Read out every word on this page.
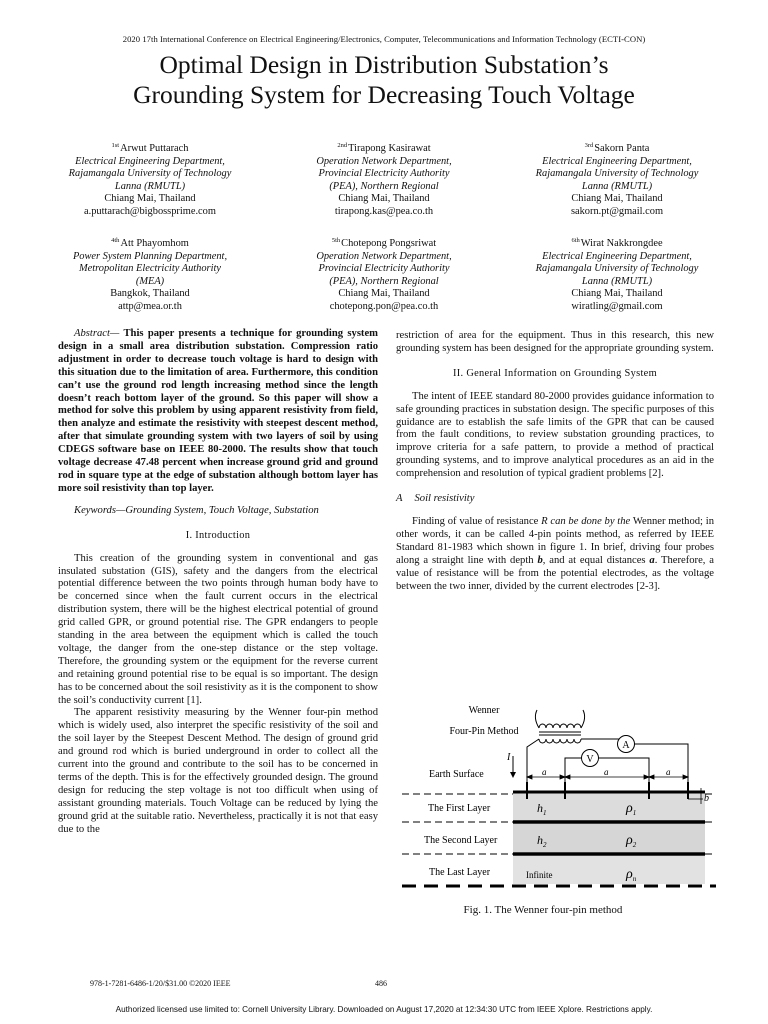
2020 17th International Conference on Electrical Engineering/Electronics, Computer, Telecommunications and Information Technology (ECTI-CON)
Optimal Design in Distribution Substation’s
Grounding System for Decreasing Touch Voltage
$^{1st}$Arwut Puttarach
Electrical Engineering Department,
Rajamangala University of Technology
Lanna (RMUTL)
Chiang Mai, Thailand
a.puttarach@bigbossprime.com
$^{2nd}$Tirapong Kasirawat
Operation Network Department,
Provincial Electricity Authority
(PEA), Northern Regional
Chiang Mai, Thailand
tirapong.kas@pea.co.th
$^{3rd}$Sakorn Panta
Electrical Engineering Department,
Rajamangala University of Technology
Lanna (RMUTL)
Chiang Mai, Thailand
sakorn.pt@gmail.com
$^{4th}$Att Phayomhom
Power System Planning Department,
Metropolitan Electricity Authority
(MEA)
Bangkok, Thailand
attp@mea.or.th
$^{5th}$Chotepong Pongsriwat
Operation Network Department,
Provincial Electricity Authority
(PEA), Northern Regional
Chiang Mai, Thailand
chotepong.pon@pea.co.th
$^{6th}$Wirat Nakkrongdee
Electrical Engineering Department,
Rajamangala University of Technology
Lanna (RMUTL)
Chiang Mai, Thailand
wiratling@gmail.com

Abstract— This paper presents a technique for grounding system design in a small area distribution substation. Compression ratio adjustment in order to decrease touch voltage is hard to design with this situation due to the limitation of area. Furthermore, this condition can’t use the ground rod length increasing method since the length doesn’t reach bottom layer of the ground. So this paper will show a method for solve this problem by using apparent resistivity from field, then analyze and estimate the resistivity with steepest descent method, after that simulate grounding system with two layers of soil by using CDEGS software base on IEEE 80-2000. The results show that touch voltage decrease 47.48 percent when increase ground grid and ground rod in square type at the edge of substation although bottom layer has more soil resistivity than top layer.

Keywords—Grounding System, Touch Voltage, Substation

I. Introduction

This creation of the grounding system in conventional and gas insulated substation (GIS), safety and the dangers from the electrical potential difference between the two points through human body have to be concerned since when the fault current occurs in the electrical distribution system, there will be the highest electrical potential of ground grid called GPR, or ground potential rise. The GPR endangers to people standing in the area between the equipment which is called the touch voltage, the danger from the one-step distance or the step voltage. Therefore, the grounding system or the equipment for the reverse current and retaining ground potential rise to be equal is so important. The design has to be concerned about the soil resistivity as it is the component to show the soil’s conductivity current [1].

The apparent resistivity measuring by the Wenner four-pin method which is widely used, also interpret the specific resistivity of the soil and the soil layer by the Steepest Descent Method. The design of ground grid and ground rod which is buried underground in order to collect all the current into the ground and contribute to the soil has to be concerned in terms of the depth. This is for the effectively grounded design. The ground design for reducing the step voltage is not too difficult when using of assistant grounding materials. Touch Voltage can be reduced by lying the ground grid at the suitable ratio. Nevertheless, practically it is not that easy due to the

restriction of area for the equipment. Thus in this research, this new grounding system has been designed for the appropriate grounding system.

II. General Information on Grounding System

The intent of IEEE standard 80-2000 provides guidance information to safe grounding practices in substation design. The specific purposes of this guidance are to establish the safe limits of the GPR that can be caused from the fault conditions, to review substation grounding practices, to improve criteria for a safe pattern, to provide a method of practical grounding systems, and to improve analytical procedures as an aid in the comprehension and resolution of typical gradient problems [2].

A Soil resistivity

Finding of value of resistance R can be done by the Wenner method; in other words, it can be called 4-pin points method, as referred by IEEE Standard 81-1983 which shown in figure 1. In brief, driving four probes along a straight line with depth b, and at equal distances a. Therefore, a value of resistance will be from the potential electrodes, as the voltage between the two inner, divided by the current electrodes [2-3].

Wenner
Four-Pin Method
I	V
A
a	a	a
b
Earth Surface
The First Layer
The Second Layer
The Last Layer
$h_1$
$h_2$
Infinite
$\rho_1$
$\rho_2$
$\rho_n$
Fig. 1. The Wenner four-pin method
978-1-7281-6486-1/20/$31.00 ©2020 IEEE	486
Authorized licensed use limited to: Cornell University Library. Downloaded on August 17,2020 at 12:34:30 UTC from IEEE Xplore. Restrictions apply.
